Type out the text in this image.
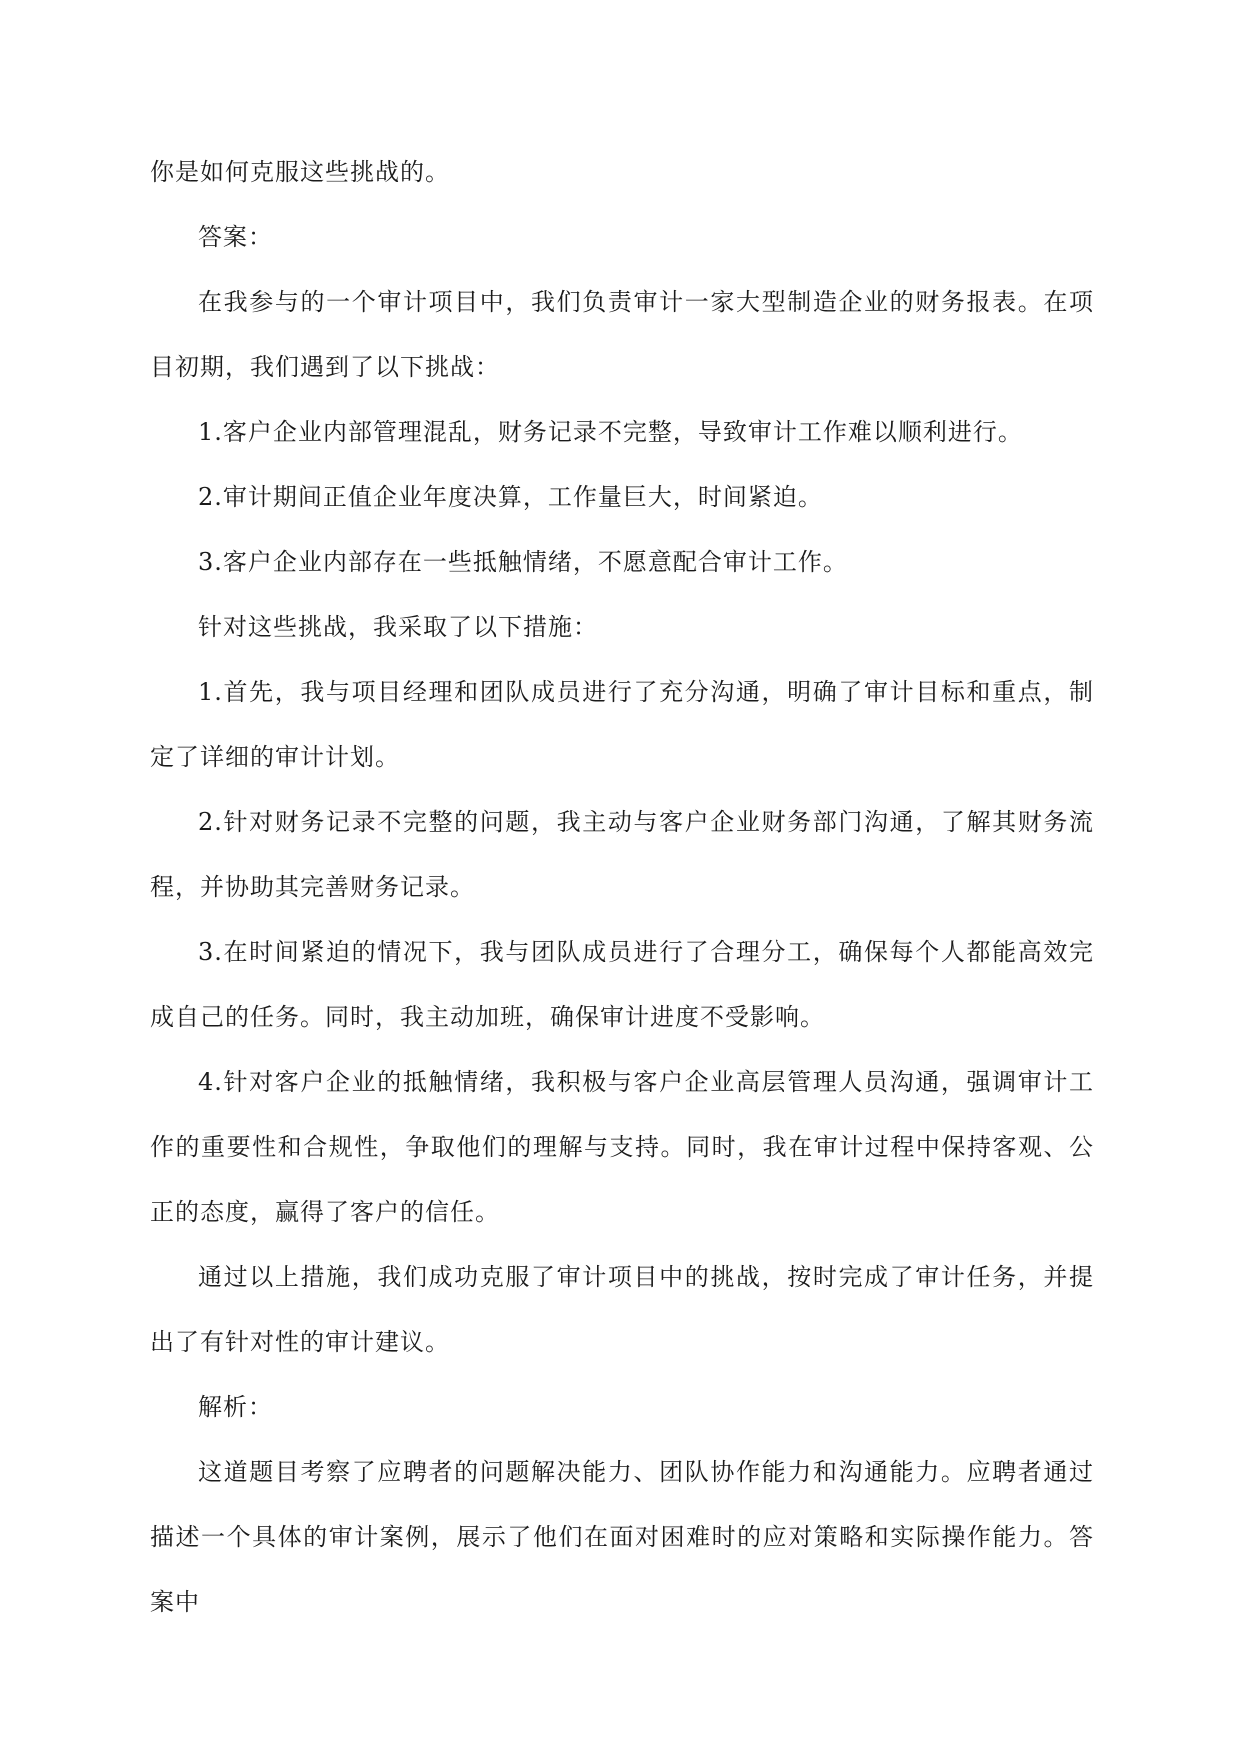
你是如何克服这些挑战的。

答案：

在我参与的一个审计项目中，我们负责审计一家大型制造企业的财务报表。在项目初期，我们遇到了以下挑战：

1.客户企业内部管理混乱，财务记录不完整，导致审计工作难以顺利进行。

2.审计期间正值企业年度决算，工作量巨大，时间紧迫。

3.客户企业内部存在一些抵触情绪，不愿意配合审计工作。

针对这些挑战，我采取了以下措施：

1.首先，我与项目经理和团队成员进行了充分沟通，明确了审计目标和重点，制定了详细的审计计划。

2.针对财务记录不完整的问题，我主动与客户企业财务部门沟通，了解其财务流程，并协助其完善财务记录。

3.在时间紧迫的情况下，我与团队成员进行了合理分工，确保每个人都能高效完成自己的任务。同时，我主动加班，确保审计进度不受影响。

4.针对客户企业的抵触情绪，我积极与客户企业高层管理人员沟通，强调审计工作的重要性和合规性，争取他们的理解与支持。同时，我在审计过程中保持客观、公正的态度，赢得了客户的信任。

通过以上措施，我们成功克服了审计项目中的挑战，按时完成了审计任务，并提出了有针对性的审计建议。

解析：

这道题目考察了应聘者的问题解决能力、团队协作能力和沟通能力。应聘者通过描述一个具体的审计案例，展示了他们在面对困难时的应对策略和实际操作能力。答案中
